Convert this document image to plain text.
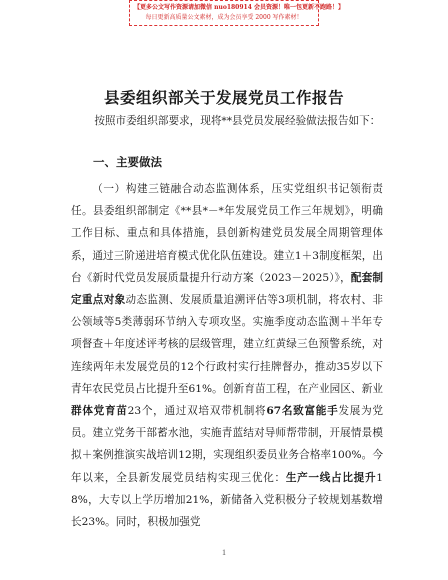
【更多公文写作资源请加微信 nuo180914 会员资源！唯一包更新不跑路！】
每日更新高质量公文素材，成为会员享受 2000 写作素材！
县委组织部关于发展党员工作报告
按照市委组织部要求，现将**县党员发展经验做法报告如下：
一、主要做法
（一）构建三链融合动态监测体系，压实党组织书记领衔责任。县委组织部制定《**县*－*年发展党员工作三年规划》，明确工作目标、重点和具体措施，县创新构建党员发展全周期管理体系，通过三阶递进培育模式优化队伍建设。建立1＋3制度框架，出台《新时代党员发展质量提升行动方案（2023－2025）》，配套制定重点对象动态监测、发展质量追溯评估等3项机制，将农村、非公领域等5类薄弱环节纳入专项攻坚。实施季度动态监测＋半年专项督查＋年度述评考核的层级管理，建立红黄绿三色预警系统，对连续两年未发展党员的12个行政村实行挂牌督办，推动35岁以下青年农民党员占比提升至61%。创新育苗工程，在产业园区、新业群体党育苗23个，通过双培双带机制将67名致富能手发展为党员。建立党务干部蓄水池，实施青蓝结对导师帮带制，开展情景模拟＋案例推演实战培训12期，实现组织委员业务合格率100%。今年以来，全县新发展党员结构实现三优化：生产一线占比提升18%，大专以上学历增加21%，新储备入党积极分子较规划基数增长23%。同时，积极加强党
1
